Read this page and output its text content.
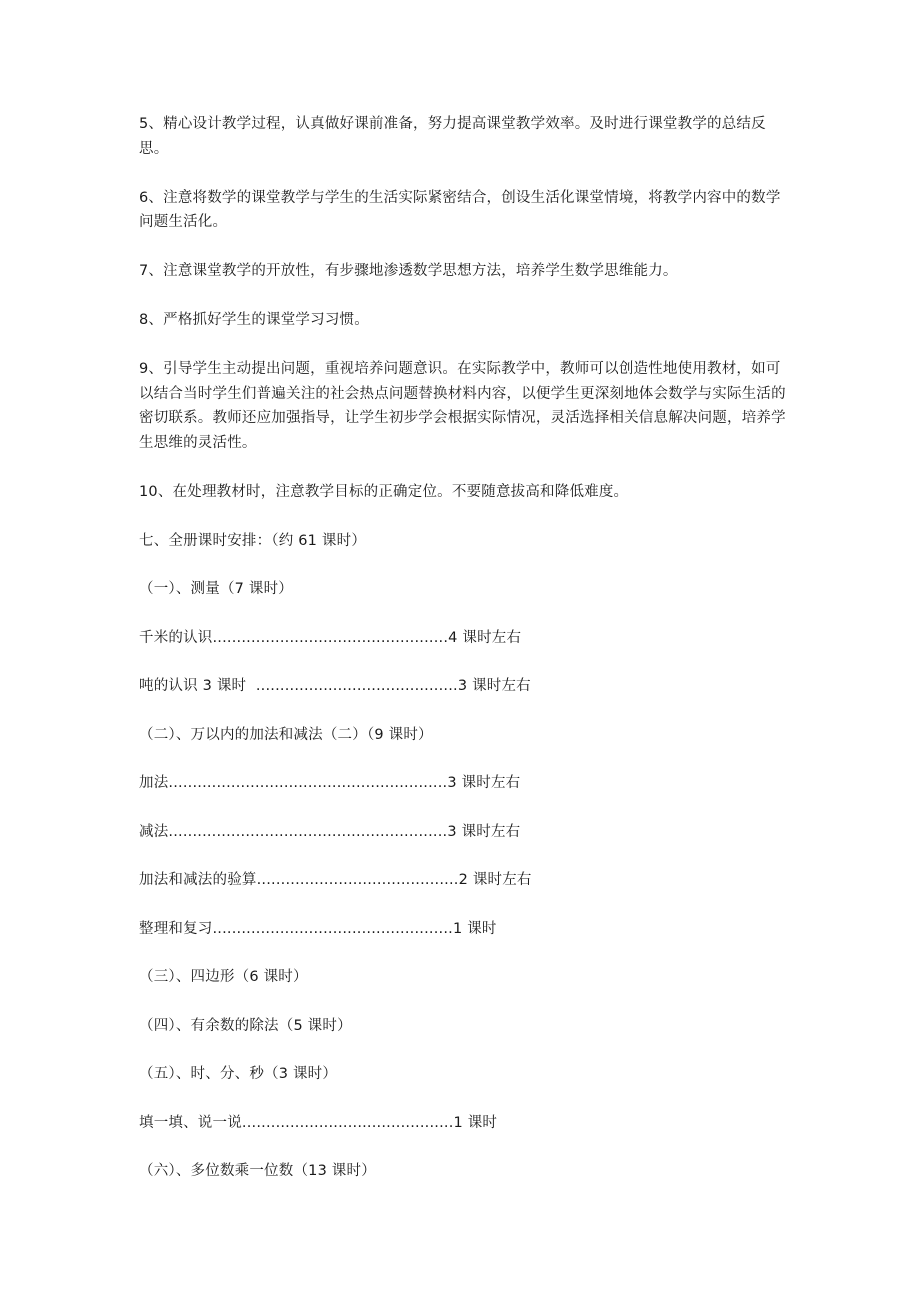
5、精心设计教学过程，认真做好课前准备，努力提高课堂教学效率。及时进行课堂教学的总结反思。

6、注意将数学的课堂教学与学生的生活实际紧密结合，创设生活化课堂情境，将教学内容中的数学问题生活化。

7、注意课堂教学的开放性，有步骤地渗透数学思想方法，培养学生数学思维能力。

8、严格抓好学生的课堂学习习惯。

9、引导学生主动提出问题，重视培养问题意识。在实际教学中，教师可以创造性地使用教材，如可以结合当时学生们普遍关注的社会热点问题替换材料内容，以便学生更深刻地体会数学与实际生活的密切联系。教师还应加强指导，让学生初步学会根据实际情况，灵活选择相关信息解决问题，培养学生思维的灵活性。

10、在处理教材时，注意教学目标的正确定位。不要随意拔高和降低难度。

七、全册课时安排：（约 61 课时）
（一）、测量（7 课时）
千米的认识.................................................4 课时左右
吨的认识 3 课时  ..........................................3 课时左右
（二）、万以内的加法和减法（二）（9 课时）
加法..........................................................3 课时左右
减法..........................................................3 课时左右
加法和减法的验算..........................................2 课时左右
整理和复习..................................................1 课时
（三）、四边形（6 课时）
（四）、有余数的除法（5 课时）
（五）、时、分、秒（3 课时）
填一填、说一说............................................1 课时
（六）、多位数乘一位数（13 课时）
